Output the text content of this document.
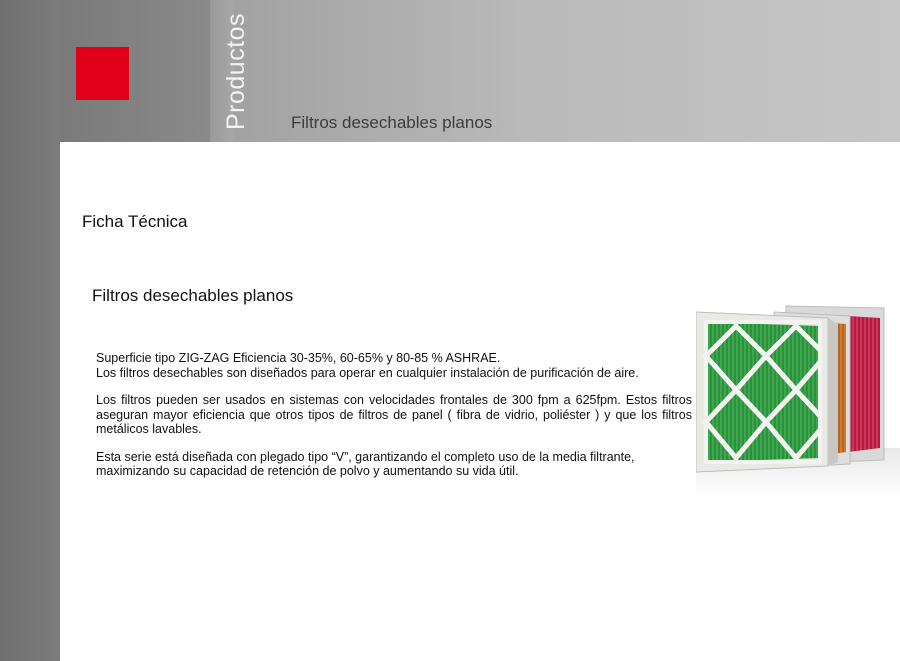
Productos Filtros desechables planos
Ficha Técnica
Filtros desechables planos

Superficie tipo ZIG-ZAG Eficiencia 30-35%, 60-65% y 80-85 % ASHRAE.
Los filtros desechables son diseñados para operar en cualquier instalación de purificación de aire.

Los filtros pueden ser usados en sistemas con velocidades frontales de 300 fpm a 625fpm. Estos filtros aseguran mayor eficiencia que otros tipos de filtros de panel ( fibra de vidrio, poliéster ) y que los filtros metálicos lavables.

Esta serie está diseñada con plegado tipo “V”, garantizando el completo uso de la media filtrante, maximizando su capacidad de retención de polvo y aumentando su vida útil.
